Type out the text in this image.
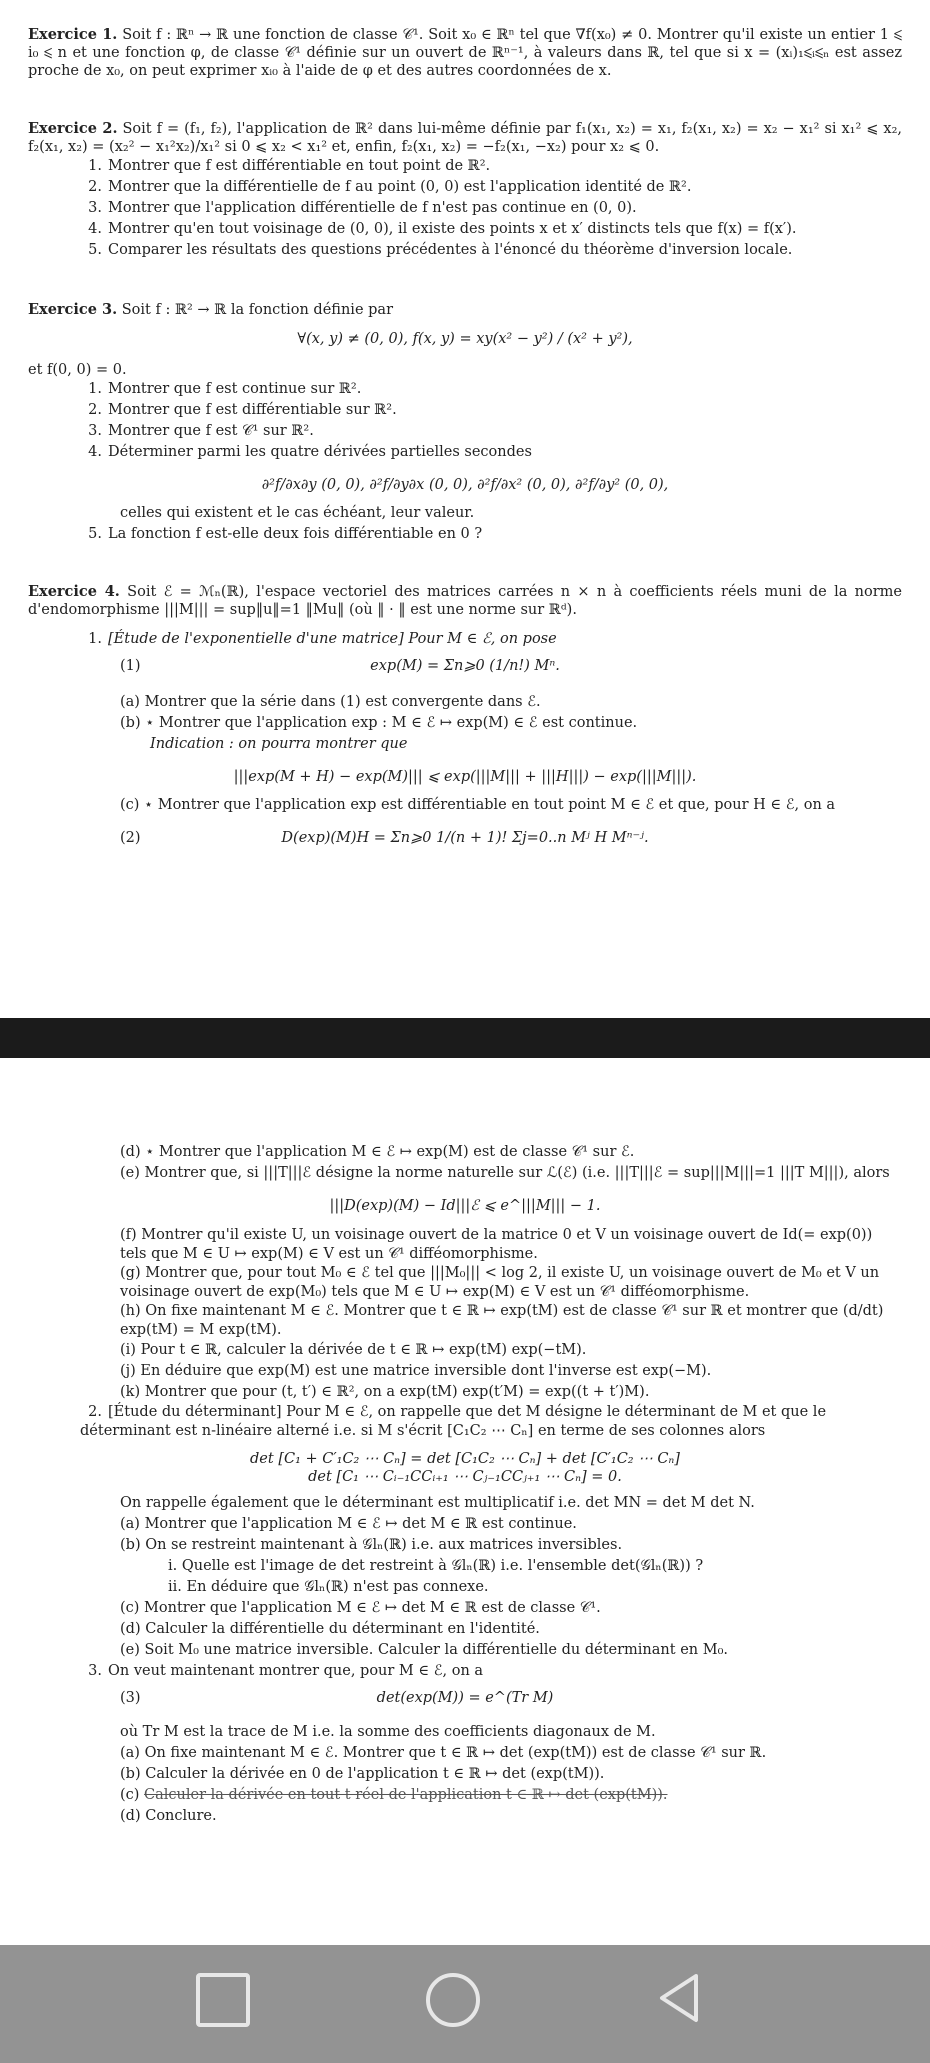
Exercice 1. Soit f : ℝⁿ → ℝ une fonction de classe 𝒞¹. Soit x₀ ∈ ℝⁿ tel que ∇f(x₀) ≠ 0. Montrer qu'il existe un entier 1 ⩽ i₀ ⩽ n et une fonction φ, de classe 𝒞¹ définie sur un ouvert de ℝⁿ⁻¹, à valeurs dans ℝ, tel que si x = (xᵢ)₁⩽ᵢ⩽ₙ est assez proche de x₀, on peut exprimer xᵢ₀ à l'aide de φ et des autres coordonnées de x.

Exercice 2. Soit f = (f₁, f₂), l'application de ℝ² dans lui-même définie par f₁(x₁, x₂) = x₁, f₂(x₁, x₂) = x₂ − x₁² si x₁² ⩽ x₂, f₂(x₁, x₂) = (x₂² − x₁²x₂)/x₁² si 0 ⩽ x₂ < x₁² et, enfin, f₂(x₁, x₂) = −f₂(x₁, −x₂) pour x₂ ⩽ 0.

1. Montrer que f est différentiable en tout point de ℝ².
2. Montrer que la différentielle de f au point (0, 0) est l'application identité de ℝ².
3. Montrer que l'application différentielle de f n'est pas continue en (0, 0).
4. Montrer qu'en tout voisinage de (0, 0), il existe des points x et x′ distincts tels que f(x) = f(x′).
5. Comparer les résultats des questions précédentes à l'énoncé du théorème d'inversion locale.

Exercice 3. Soit f : ℝ² → ℝ la fonction définie par

∀(x, y) ≠ (0, 0), f(x, y) = xy(x² − y²) / (x² + y²),

et f(0, 0) = 0.

1. Montrer que f est continue sur ℝ².
2. Montrer que f est différentiable sur ℝ².
3. Montrer que f est 𝒞¹ sur ℝ².
4. Déterminer parmi les quatre dérivées partielles secondes
∂²f/∂x∂y (0, 0), ∂²f/∂y∂x (0, 0), ∂²f/∂x² (0, 0), ∂²f/∂y² (0, 0),
celles qui existent et le cas échéant, leur valeur.
5. La fonction f est-elle deux fois différentiable en 0 ?

Exercice 4. Soit ℰ = ℳₙ(ℝ), l'espace vectoriel des matrices carrées n × n à coefficients réels muni de la norme d'endomorphisme |||M||| = sup‖u‖=1 ‖Mu‖ (où ‖ · ‖ est une norme sur ℝᵈ).

1. [Étude de l'exponentielle d'une matrice] Pour M ∈ ℰ, on pose
(1)	exp(M) = Σn⩾0 (1/n!) Mⁿ.
(a) Montrer que la série dans (1) est convergente dans ℰ.
(b) ⋆ Montrer que l'application exp : M ∈ ℰ ↦ exp(M) ∈ ℰ est continue.
Indication : on pourra montrer que
|||exp(M + H) − exp(M)||| ⩽ exp(|||M||| + |||H|||) − exp(|||M|||).
(c) ⋆ Montrer que l'application exp est différentiable en tout point M ∈ ℰ et que, pour H ∈ ℰ, on a
(2)	D(exp)(M)H = Σn⩾0 1/(n + 1)! Σj=0..n Mʲ H Mⁿ⁻ʲ.
(d) ⋆ Montrer que l'application M ∈ ℰ ↦ exp(M) est de classe 𝒞¹ sur ℰ.
(e) Montrer que, si |||T|||ℰ désigne la norme naturelle sur ℒ(ℰ) (i.e. |||T|||ℰ = sup|||M|||=1 |||T M|||), alors
|||D(exp)(M) − Id|||ℰ ⩽ e^|||M||| − 1.
(f) Montrer qu'il existe U, un voisinage ouvert de la matrice 0 et V un voisinage ouvert de Id(= exp(0)) tels que M ∈ U ↦ exp(M) ∈ V est un 𝒞¹ difféomorphisme.
(g) Montrer que, pour tout M₀ ∈ ℰ tel que |||M₀||| < log 2, il existe U, un voisinage ouvert de M₀ et V un voisinage ouvert de exp(M₀) tels que M ∈ U ↦ exp(M) ∈ V est un 𝒞¹ difféomorphisme.
(h) On fixe maintenant M ∈ ℰ. Montrer que t ∈ ℝ ↦ exp(tM) est de classe 𝒞¹ sur ℝ et montrer que (d/dt) exp(tM) = M exp(tM).
(i) Pour t ∈ ℝ, calculer la dérivée de t ∈ ℝ ↦ exp(tM) exp(−tM).
(j) En déduire que exp(M) est une matrice inversible dont l'inverse est exp(−M).
(k) Montrer que pour (t, t′) ∈ ℝ², on a exp(tM) exp(t′M) = exp((t + t′)M).
2. [Étude du déterminant] Pour M ∈ ℰ, on rappelle que det M désigne le déterminant de M et que le déterminant est n-linéaire alterné i.e. si M s'écrit [C₁C₂ ⋯ Cₙ] en terme de ses colonnes alors
det [C₁ + C′₁C₂ ⋯ Cₙ] = det [C₁C₂ ⋯ Cₙ] + det [C′₁C₂ ⋯ Cₙ]
det [C₁ ⋯ Cᵢ₋₁CCᵢ₊₁ ⋯ Cⱼ₋₁CCⱼ₊₁ ⋯ Cₙ] = 0.
On rappelle également que le déterminant est multiplicatif i.e. det MN = det M det N.
(a) Montrer que l'application M ∈ ℰ ↦ det M ∈ ℝ est continue.
(b) On se restreint maintenant à 𝒢lₙ(ℝ) i.e. aux matrices inversibles.
i. Quelle est l'image de det restreint à 𝒢lₙ(ℝ) i.e. l'ensemble det(𝒢lₙ(ℝ)) ?
ii. En déduire que 𝒢lₙ(ℝ) n'est pas connexe.
(c) Montrer que l'application M ∈ ℰ ↦ det M ∈ ℝ est de classe 𝒞¹.
(d) Calculer la différentielle du déterminant en l'identité.
(e) Soit M₀ une matrice inversible. Calculer la différentielle du déterminant en M₀.
3. On veut maintenant montrer que, pour M ∈ ℰ, on a
(3)	det(exp(M)) = e^(Tr M)
où Tr M est la trace de M i.e. la somme des coefficients diagonaux de M.
(a) On fixe maintenant M ∈ ℰ. Montrer que t ∈ ℝ ↦ det (exp(tM)) est de classe 𝒞¹ sur ℝ.
(b) Calculer la dérivée en 0 de l'application t ∈ ℝ ↦ det (exp(tM)).
(c) Calculer la dérivée en tout t réel de l'application t ∈ ℝ ↦ det (exp(tM)).
(d) Conclure.
